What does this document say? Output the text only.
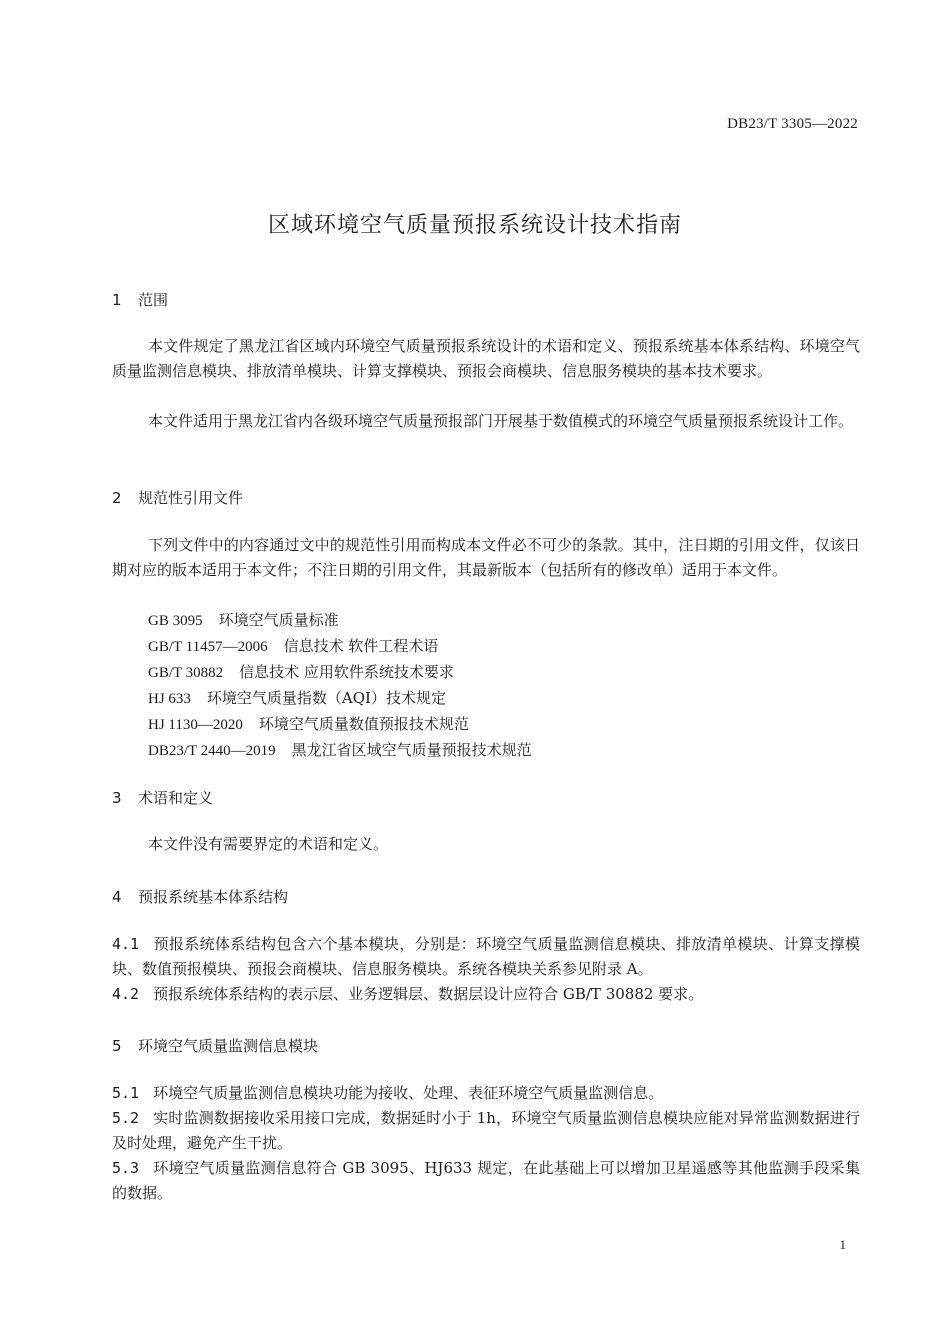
DB23/T 3305—2022
区域环境空气质量预报系统设计技术指南
1 范围
本文件规定了黑龙江省区域内环境空气质量预报系统设计的术语和定义、预报系统基本体系结构、环境空气质量监测信息模块、排放清单模块、计算支撑模块、预报会商模块、信息服务模块的基本技术要求。
本文件适用于黑龙江省内各级环境空气质量预报部门开展基于数值模式的环境空气质量预报系统设计工作。
2 规范性引用文件
下列文件中的内容通过文中的规范性引用而构成本文件必不可少的条款。其中，注日期的引用文件，仅该日期对应的版本适用于本文件；不注日期的引用文件，其最新版本（包括所有的修改单）适用于本文件。
GB 3095 环境空气质量标准
GB/T 11457—2006 信息技术 软件工程术语
GB/T 30882 信息技术 应用软件系统技术要求
HJ 633 环境空气质量指数（AQI）技术规定
HJ 1130—2020 环境空气质量数值预报技术规范
DB23/T 2440—2019 黑龙江省区域空气质量预报技术规范
3 术语和定义
本文件没有需要界定的术语和定义。
4 预报系统基本体系结构
4.1 预报系统体系结构包含六个基本模块，分别是：环境空气质量监测信息模块、排放清单模块、计算支撑模块、数值预报模块、预报会商模块、信息服务模块。系统各模块关系参见附录 A。
4.2 预报系统体系结构的表示层、业务逻辑层、数据层设计应符合 GB/T 30882 要求。
5 环境空气质量监测信息模块
5.1 环境空气质量监测信息模块功能为接收、处理、表征环境空气质量监测信息。
5.2 实时监测数据接收采用接口完成，数据延时小于 1h，环境空气质量监测信息模块应能对异常监测数据进行及时处理，避免产生干扰。
5.3 环境空气质量监测信息符合 GB 3095、HJ633 规定，在此基础上可以增加卫星遥感等其他监测手段采集的数据。
1
